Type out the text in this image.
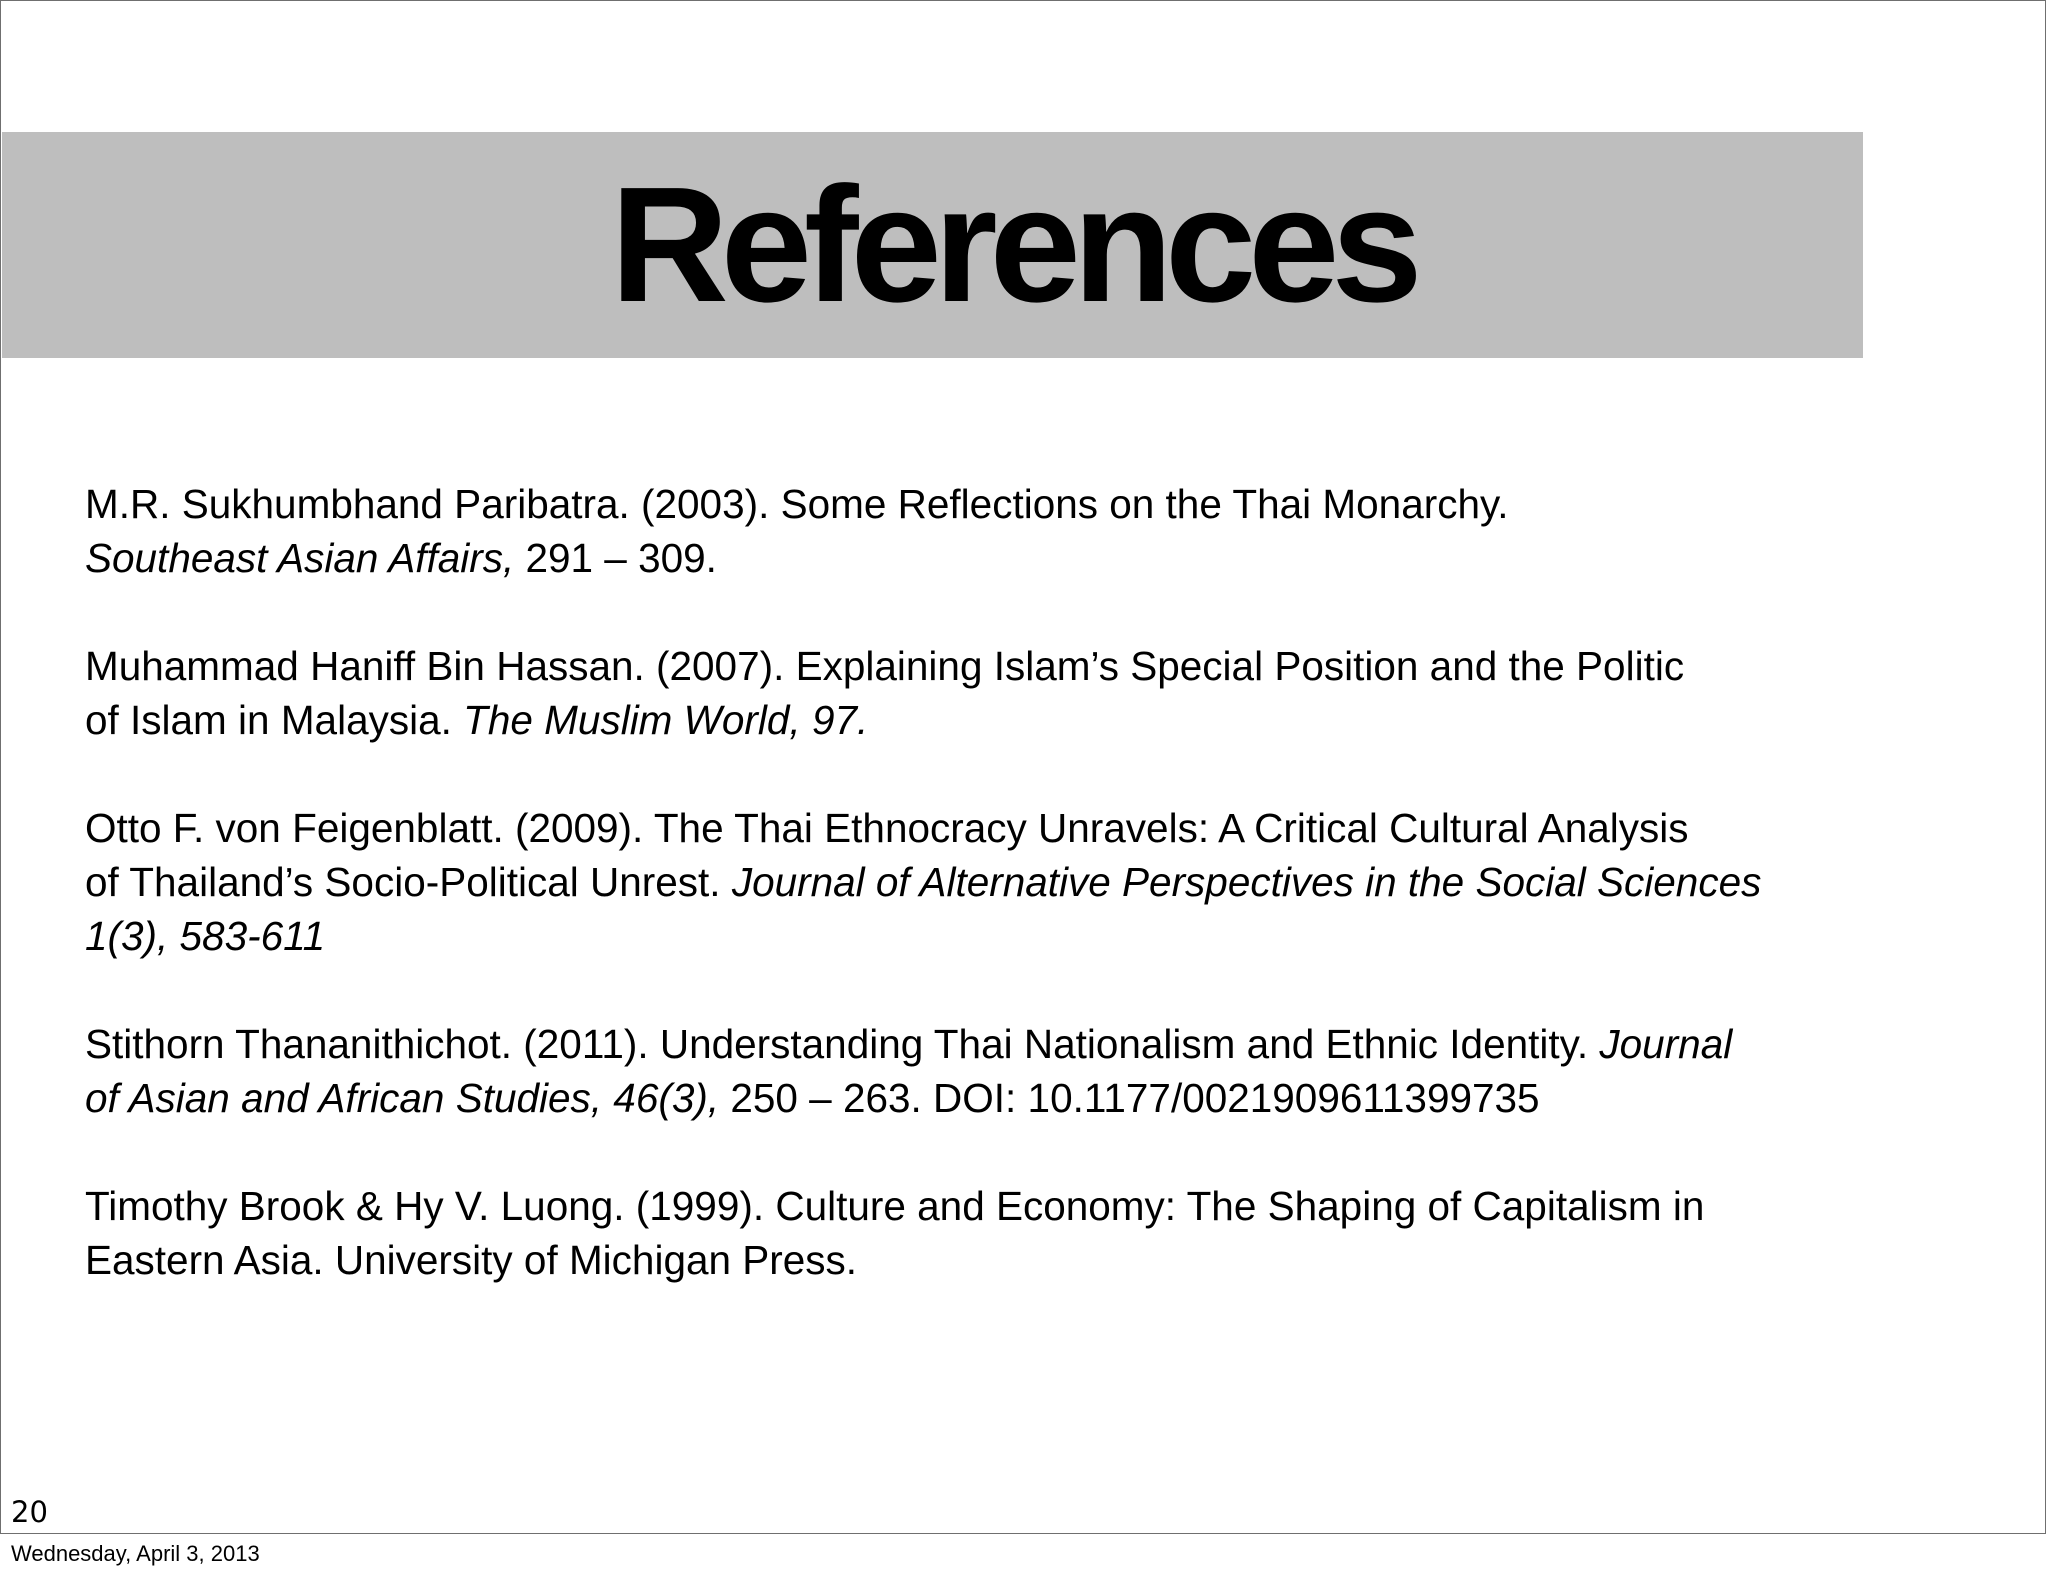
References
M.R. Sukhumbhand Paribatra. (2003). Some Reflections on the Thai Monarchy.
Southeast Asian Affairs, 291 – 309.
Muhammad Haniff Bin Hassan. (2007). Explaining Islam’s Special Position and the Politic
of Islam in Malaysia. The Muslim World, 97.
Otto F. von Feigenblatt. (2009). The Thai Ethnocracy Unravels: A Critical Cultural Analysis
of Thailand’s Socio-Political Unrest. Journal of Alternative Perspectives in the Social Sciences
1(3), 583-611
Stithorn Thananithichot. (2011). Understanding Thai Nationalism and Ethnic Identity. Journal
of Asian and African Studies, 46(3), 250 – 263. DOI: 10.1177/0021909611399735
Timothy Brook & Hy V. Luong. (1999). Culture and Economy: The Shaping of Capitalism in
Eastern Asia. University of Michigan Press.
20
Wednesday, April 3, 2013
